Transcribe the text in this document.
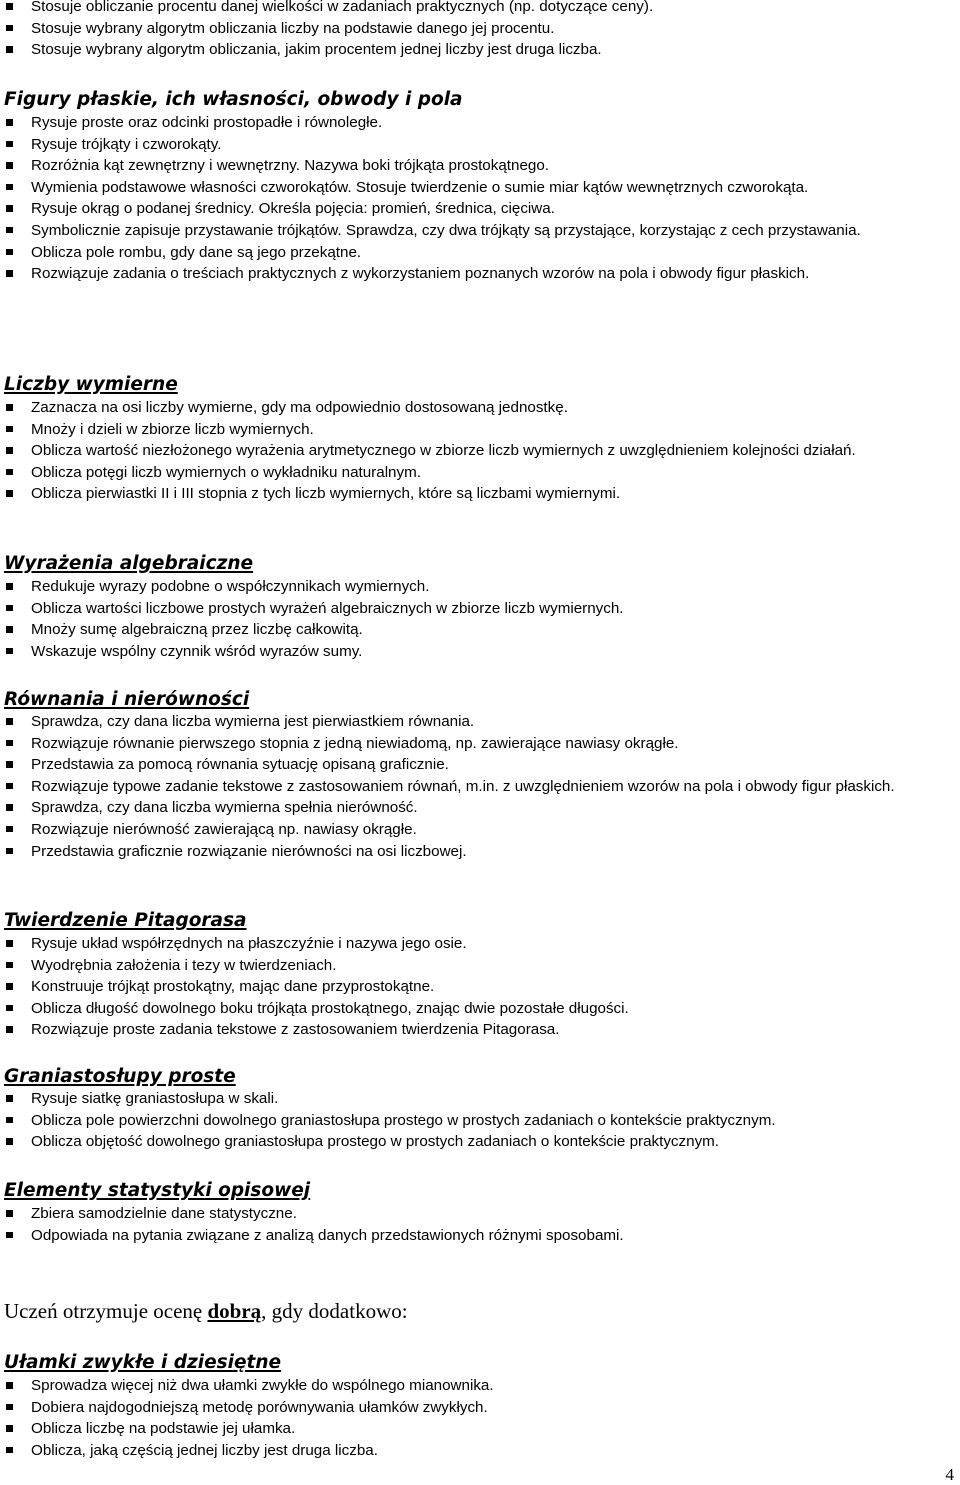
Stosuje obliczanie procentu danej wielkości w zadaniach praktycznych (np. dotyczące ceny).
Stosuje wybrany algorytm obliczania liczby na podstawie danego jej procentu.
Stosuje wybrany algorytm obliczania, jakim procentem jednej liczby jest druga liczba.
Figury płaskie, ich własności, obwody i pola
Rysuje proste oraz odcinki prostopadłe i równoległe.
Rysuje trójkąty i czworokąty.
Rozróżnia kąt zewnętrzny i wewnętrzny. Nazywa boki trójkąta prostokątnego.
Wymienia podstawowe własności czworokątów. Stosuje twierdzenie o sumie miar kątów wewnętrznych czworokąta.
Rysuje okrąg o podanej średnicy. Określa pojęcia: promień, średnica, cięciwa.
Symbolicznie zapisuje przystawanie trójkątów. Sprawdza, czy dwa trójkąty są przystające, korzystając z cech przystawania.
Oblicza pole rombu, gdy dane są jego przekątne.
Rozwiązuje zadania o treściach praktycznych z wykorzystaniem poznanych wzorów na pola i obwody figur płaskich.
Liczby wymierne
Zaznacza na osi liczby wymierne, gdy ma odpowiednio dostosowaną jednostkę.
Mnoży i dzieli w zbiorze liczb wymiernych.
Oblicza wartość niezłożonego wyrażenia arytmetycznego w zbiorze liczb wymiernych z uwzględnieniem kolejności działań.
Oblicza potęgi liczb wymiernych o wykładniku naturalnym.
Oblicza pierwiastki II i III stopnia z tych liczb wymiernych, które są liczbami wymiernymi.
Wyrażenia algebraiczne
Redukuje wyrazy podobne o współczynnikach wymiernych.
Oblicza wartości liczbowe prostych wyrażeń algebraicznych w zbiorze liczb wymiernych.
Mnoży sumę algebraiczną przez liczbę całkowitą.
Wskazuje wspólny czynnik wśród wyrazów sumy.
Równania i nierówności
Sprawdza, czy dana liczba wymierna jest pierwiastkiem równania.
Rozwiązuje równanie pierwszego stopnia z jedną niewiadomą, np. zawierające nawiasy okrągłe.
Przedstawia za pomocą równania sytuację opisaną graficznie.
Rozwiązuje typowe zadanie tekstowe z zastosowaniem równań, m.in. z uwzględnieniem wzorów na pola i obwody figur płaskich.
Sprawdza, czy dana liczba wymierna spełnia nierówność.
Rozwiązuje nierówność zawierającą np. nawiasy okrągłe.
Przedstawia graficznie rozwiązanie nierówności na osi liczbowej.
Twierdzenie Pitagorasa
Rysuje układ współrzędnych na płaszczyźnie i nazywa jego osie.
Wyodrębnia założenia i tezy w twierdzeniach.
Konstruuje trójkąt prostokątny, mając dane przyprostokątne.
Oblicza długość dowolnego boku trójkąta prostokątnego, znając dwie pozostałe długości.
Rozwiązuje proste zadania tekstowe z zastosowaniem twierdzenia Pitagorasa.
Graniastosłupy proste
Rysuje siatkę graniastosłupa w skali.
Oblicza pole powierzchni dowolnego graniastosłupa prostego w prostych zadaniach o kontekście praktycznym.
Oblicza objętość dowolnego graniastosłupa prostego w prostych zadaniach o kontekście praktycznym.
Elementy statystyki opisowej
Zbiera samodzielnie dane statystyczne.
Odpowiada na pytania związane z analizą danych przedstawionych różnymi sposobami.
Uczeń otrzymuje ocenę dobrą, gdy dodatkowo:
Ułamki zwykłe i dziesiętne
Sprowadza więcej niż dwa ułamki zwykłe do wspólnego mianownika.
Dobiera najdogodniejszą metodę porównywania ułamków zwykłych.
Oblicza liczbę na podstawie jej ułamka.
Oblicza, jaką częścią jednej liczby jest druga liczba.
4
